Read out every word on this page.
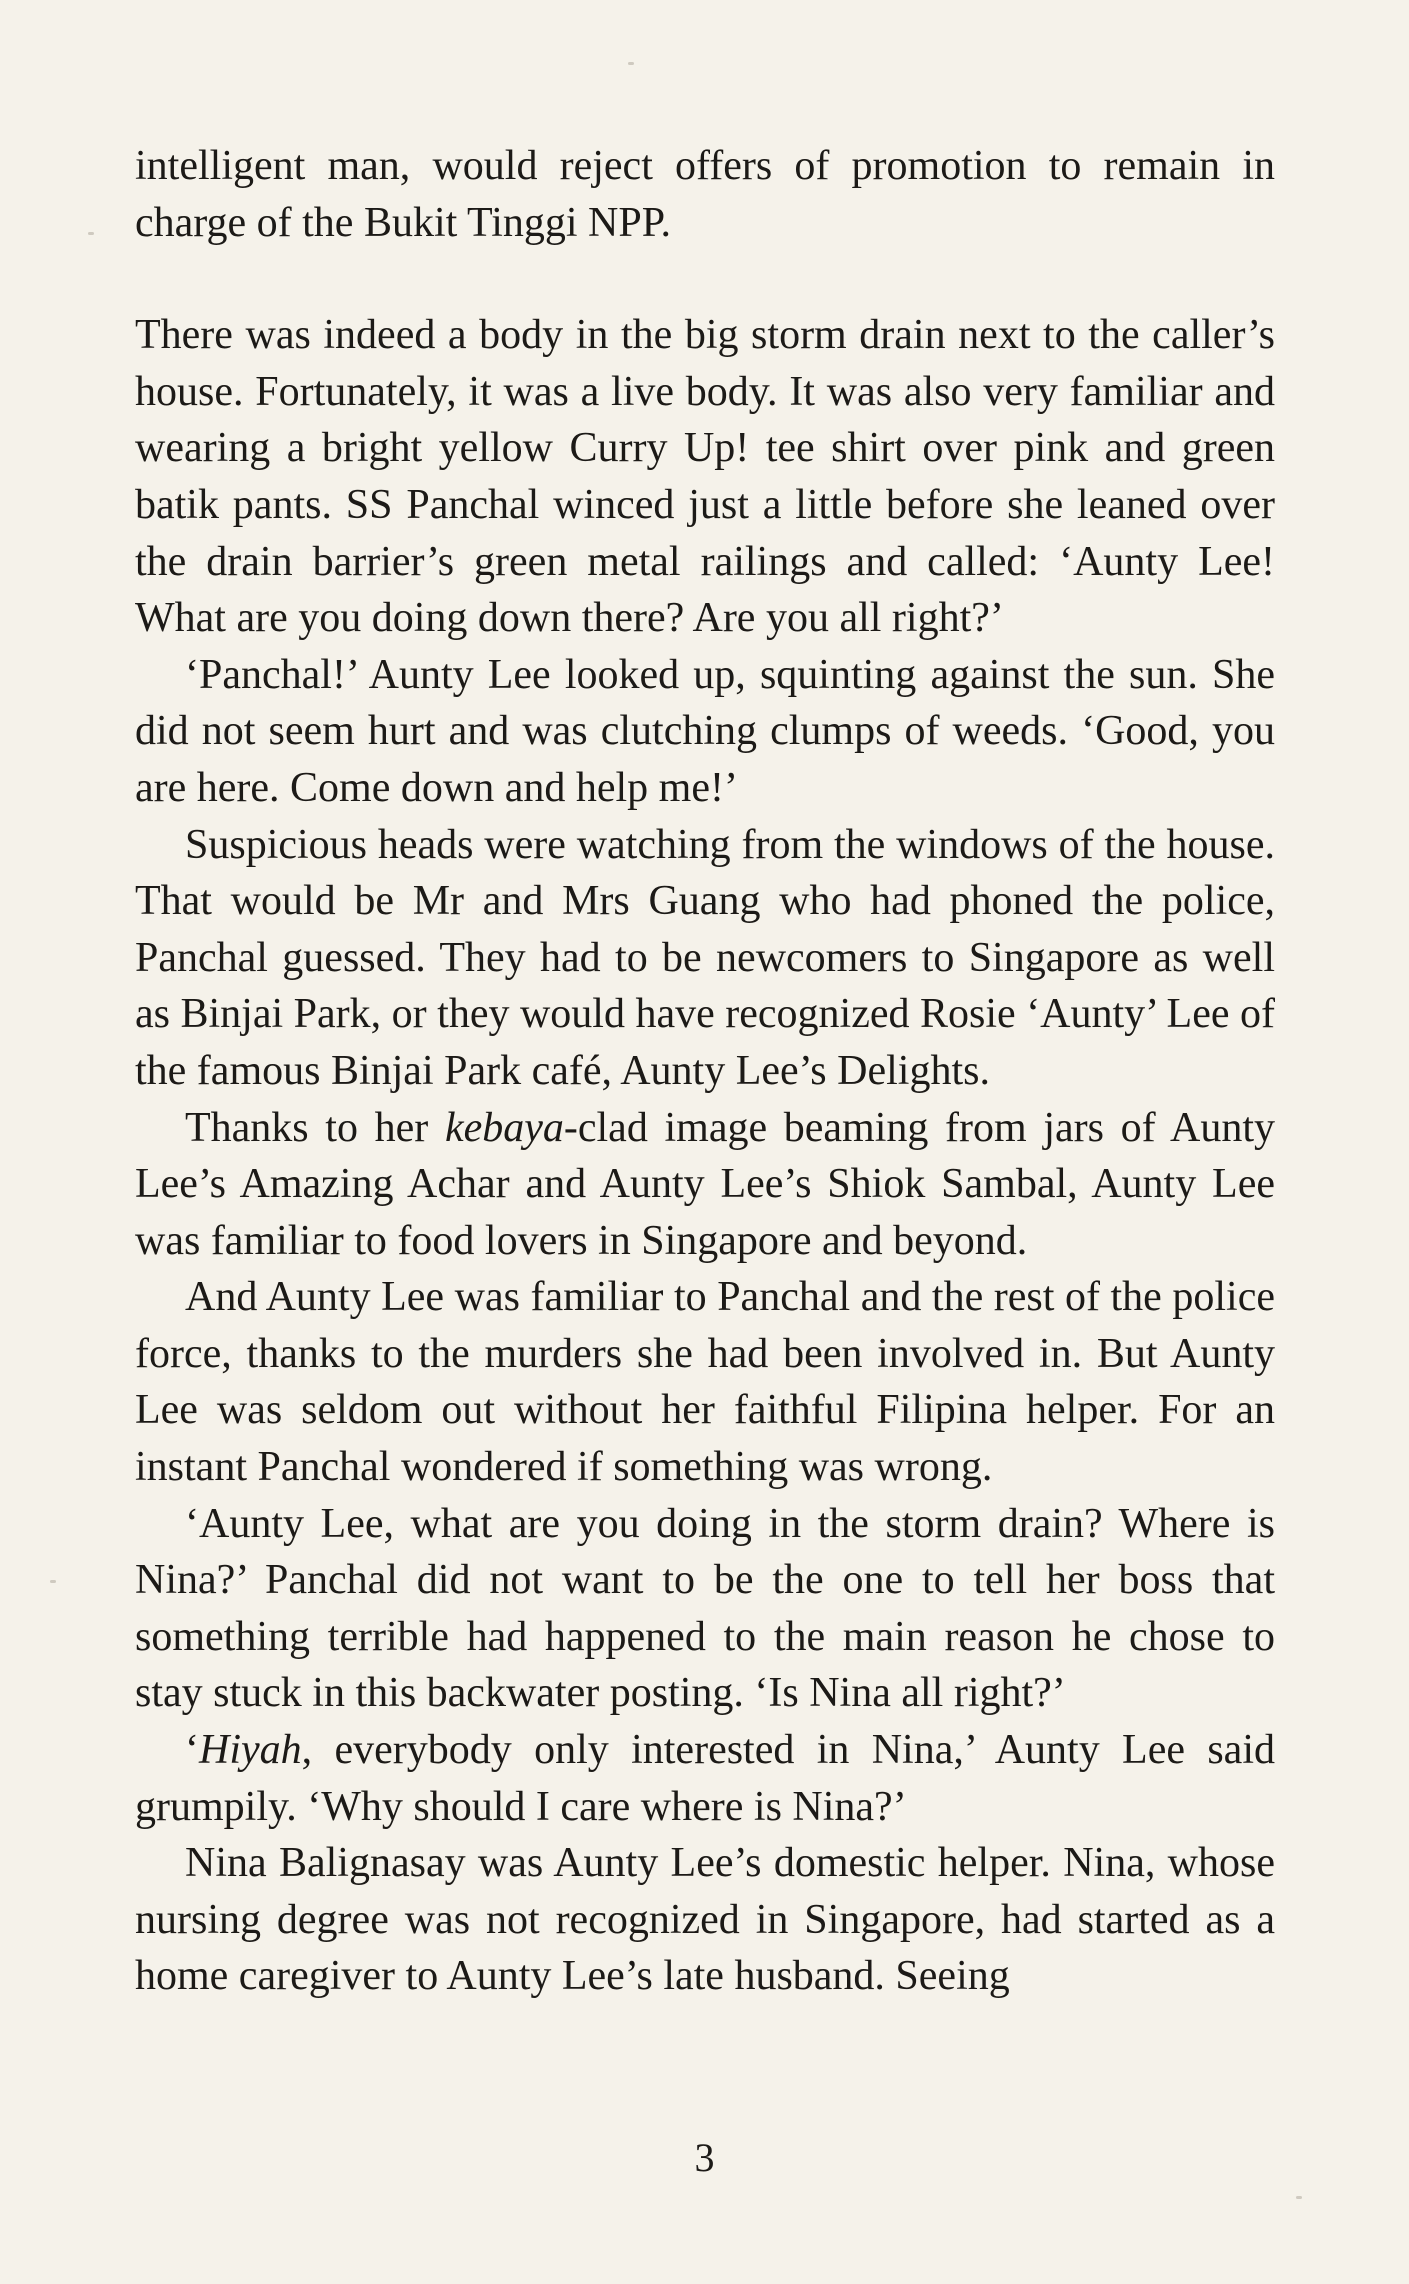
intelligent man, would reject offers of promotion to remain in charge of the Bukit Tinggi NPP.

There was indeed a body in the big storm drain next to the caller’s house. Fortunately, it was a live body. It was also very familiar and wearing a bright yellow Curry Up! tee shirt over pink and green batik pants. SS Panchal winced just a little before she leaned over the drain barrier’s green metal railings and called: ‘Aunty Lee! What are you doing down there? Are you all right?’

‘Panchal!’ Aunty Lee looked up, squinting against the sun. She did not seem hurt and was clutching clumps of weeds. ‘Good, you are here. Come down and help me!’

Suspicious heads were watching from the windows of the house. That would be Mr and Mrs Guang who had phoned the police, Panchal guessed. They had to be newcomers to Singapore as well as Binjai Park, or they would have recognized Rosie ‘Aunty’ Lee of the famous Binjai Park café, Aunty Lee’s Delights.

Thanks to her kebaya-clad image beaming from jars of Aunty Lee’s Amazing Achar and Aunty Lee’s Shiok Sambal, Aunty Lee was familiar to food lovers in Singapore and beyond.

And Aunty Lee was familiar to Panchal and the rest of the police force, thanks to the murders she had been involved in. But Aunty Lee was seldom out without her faithful Filipina helper. For an instant Panchal wondered if something was wrong.

‘Aunty Lee, what are you doing in the storm drain? Where is Nina?’ Panchal did not want to be the one to tell her boss that something terrible had happened to the main reason he chose to stay stuck in this backwater posting. ‘Is Nina all right?’

‘Hiyah, everybody only interested in Nina,’ Aunty Lee said grumpily. ‘Why should I care where is Nina?’

Nina Balignasay was Aunty Lee’s domestic helper. Nina, whose nursing degree was not recognized in Singapore, had started as a home caregiver to Aunty Lee’s late husband. Seeing

3
